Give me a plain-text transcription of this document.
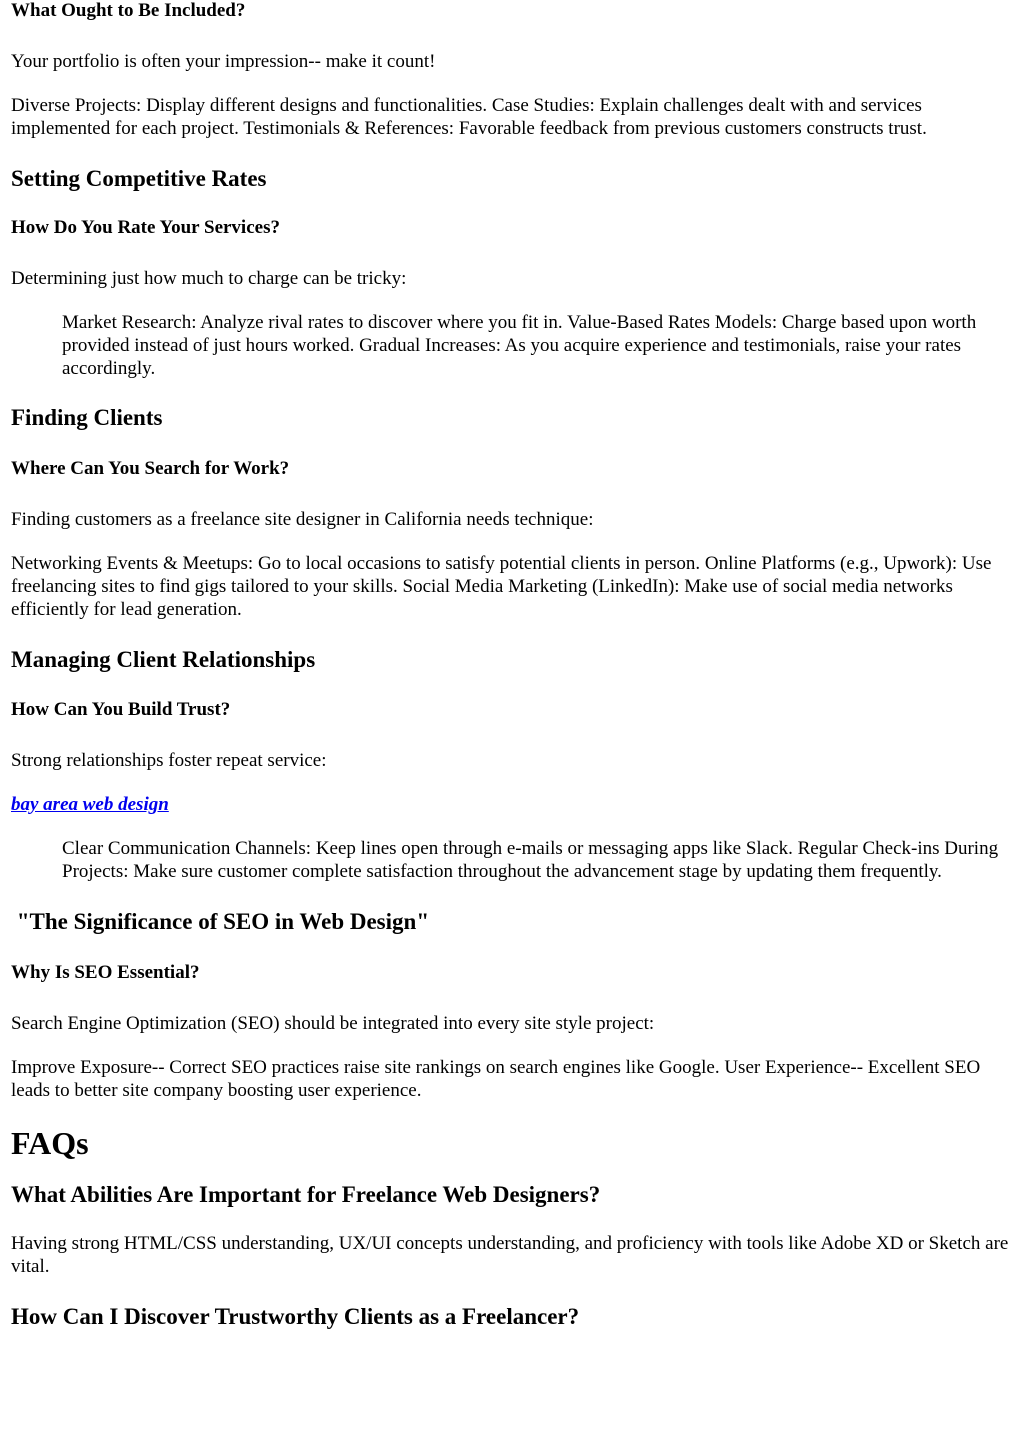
What Ought to Be Included?

Your portfolio is often your impression-- make it count!

Diverse Projects: Display different designs and functionalities. Case Studies: Explain challenges dealt with and services implemented for each project. Testimonials & References: Favorable feedback from previous customers constructs trust.

Setting Competitive Rates
How Do You Rate Your Services?

Determining just how much to charge can be tricky:

Market Research: Analyze rival rates to discover where you fit in. Value-Based Rates Models: Charge based upon worth provided instead of just hours worked. Gradual Increases: As you acquire experience and testimonials, raise your rates accordingly.
Finding Clients
Where Can You Search for Work?

Finding customers as a freelance site designer in California needs technique:

Networking Events & Meetups: Go to local occasions to satisfy potential clients in person. Online Platforms (e.g., Upwork): Use freelancing sites to find gigs tailored to your skills. Social Media Marketing (LinkedIn): Make use of social media networks efficiently for lead generation.

Managing Client Relationships
How Can You Build Trust?

Strong relationships foster repeat service:

bay area web design

Clear Communication Channels: Keep lines open through e-mails or messaging apps like Slack. Regular Check-ins During Projects: Make sure customer complete satisfaction throughout the advancement stage by updating them frequently.
"The Significance of SEO in Web Design"
Why Is SEO Essential?

Search Engine Optimization (SEO) should be integrated into every site style project:

Improve Exposure-- Correct SEO practices raise site rankings on search engines like Google. User Experience-- Excellent SEO leads to better site company boosting user experience.

FAQs
What Abilities Are Important for Freelance Web Designers?

Having strong HTML/CSS understanding, UX/UI concepts understanding, and proficiency with tools like Adobe XD or Sketch are vital.

How Can I Discover Trustworthy Clients as a Freelancer?
